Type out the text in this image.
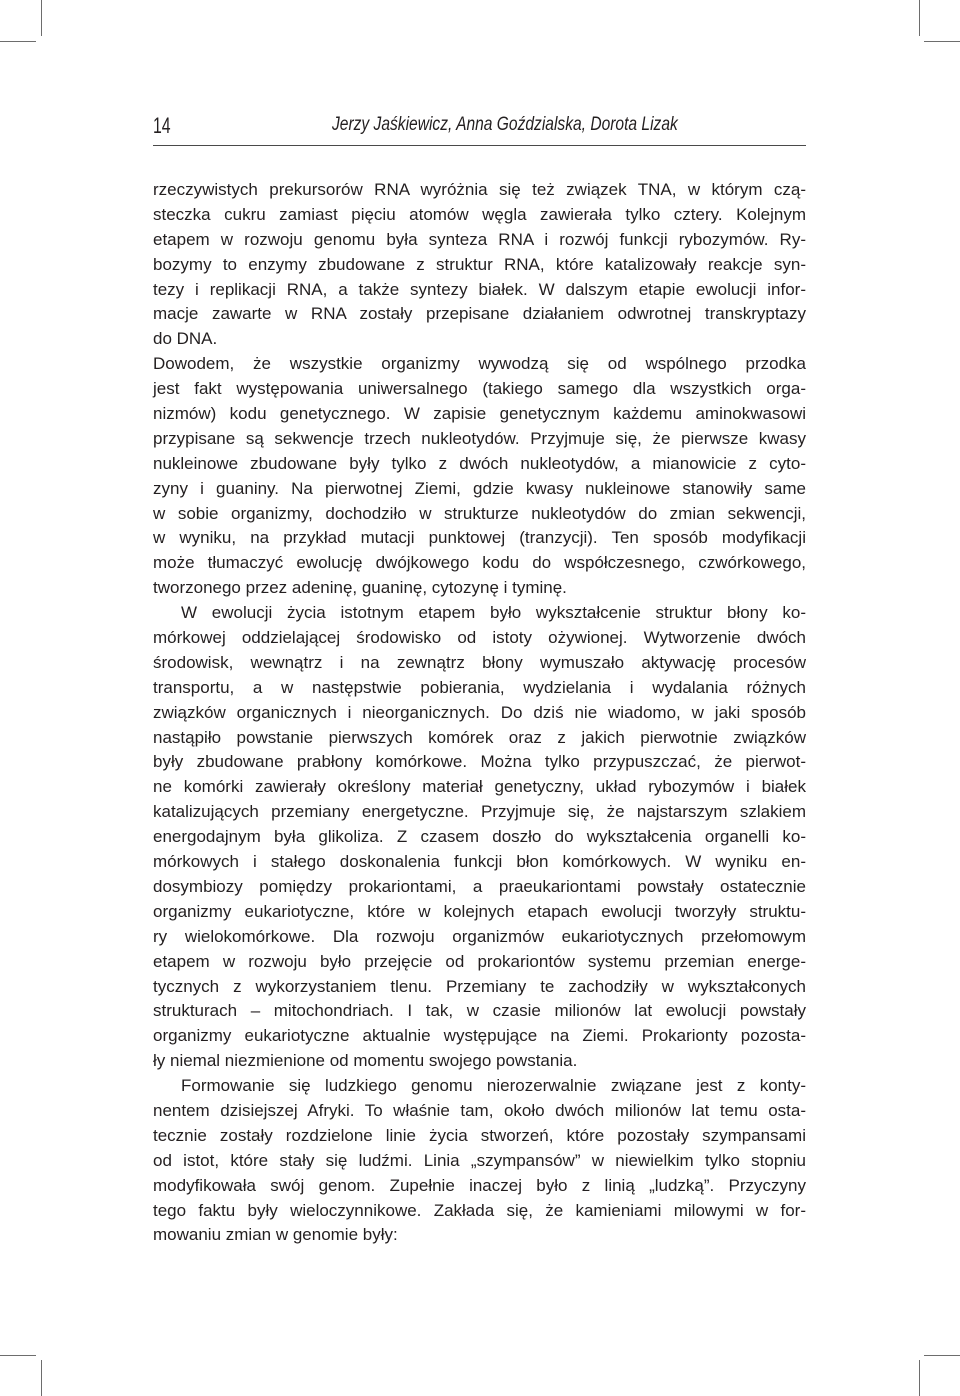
14	Jerzy Jaśkiewicz, Anna Goździalska, Dorota Lizak
rzeczywistych prekursorów RNA wyróżnia się też związek TNA, w którym czą-
steczka cukru zamiast pięciu atomów węgla zawierała tylko cztery. Kolejnym
etapem w rozwoju genomu była synteza RNA i rozwój funkcji rybozymów. Ry-
bozymy to enzymy zbudowane z struktur RNA, które katalizowały reakcje syn-
tezy i replikacji RNA, a także syntezy białek. W dalszym etapie ewolucji infor-
macje zawarte w RNA zostały przepisane działaniem odwrotnej transkryptazy
do DNA.
Dowodem, że wszystkie organizmy wywodzą się od wspólnego przodka
jest fakt występowania uniwersalnego (takiego samego dla wszystkich orga-
nizmów) kodu genetycznego. W zapisie genetycznym każdemu aminokwasowi
przypisane są sekwencje trzech nukleotydów. Przyjmuje się, że pierwsze kwasy
nukleinowe zbudowane były tylko z dwóch nukleotydów, a mianowicie z cyto-
zyny i guaniny. Na pierwotnej Ziemi, gdzie kwasy nukleinowe stanowiły same
w sobie organizmy, dochodziło w strukturze nukleotydów do zmian sekwencji,
w wyniku, na przykład mutacji punktowej (tranzycji). Ten sposób modyfikacji
może tłumaczyć ewolucję dwójkowego kodu do współczesnego, czwórkowego,
tworzonego przez adeninę, guaninę, cytozynę i tyminę.
W ewolucji życia istotnym etapem było wykształcenie struktur błony ko-
mórkowej oddzielającej środowisko od istoty ożywionej. Wytworzenie dwóch
środowisk, wewnątrz i na zewnątrz błony wymuszało aktywację procesów
transportu, a w następstwie pobierania, wydzielania i wydalania różnych
związków organicznych i nieorganicznych. Do dziś nie wiadomo, w jaki sposób
nastąpiło powstanie pierwszych komórek oraz z jakich pierwotnie związków
były zbudowane prabłony komórkowe. Można tylko przypuszczać, że pierwot-
ne komórki zawierały określony materiał genetyczny, układ rybozymów i białek
katalizujących przemiany energetyczne. Przyjmuje się, że najstarszym szlakiem
energodajnym była glikoliza. Z czasem doszło do wykształcenia organelli ko-
mórkowych i stałego doskonalenia funkcji błon komórkowych. W wyniku en-
dosymbiozy pomiędzy prokariontami, a praeukariontami powstały ostatecznie
organizmy eukariotyczne, które w kolejnych etapach ewolucji tworzyły struktu-
ry wielokomórkowe. Dla rozwoju organizmów eukariotycznych przełomowym
etapem w rozwoju było przejęcie od prokariontów systemu przemian energe-
tycznych z wykorzystaniem tlenu. Przemiany te zachodziły w wykształconych
strukturach – mitochondriach. I tak, w czasie milionów lat ewolucji powstały
organizmy eukariotyczne aktualnie występujące na Ziemi. Prokarionty pozosta-
ły niemal niezmienione od momentu swojego powstania.
Formowanie się ludzkiego genomu nierozerwalnie związane jest z konty-
nentem dzisiejszej Afryki. To właśnie tam, około dwóch milionów lat temu osta-
tecznie zostały rozdzielone linie życia stworzeń, które pozostały szympansami
od istot, które stały się ludźmi. Linia „szympansów” w niewielkim tylko stopniu
modyfikowała swój genom. Zupełnie inaczej było z linią „ludzką”. Przyczyny
tego faktu były wieloczynnikowe. Zakłada się, że kamieniami milowymi w for-
mowaniu zmian w genomie były:
